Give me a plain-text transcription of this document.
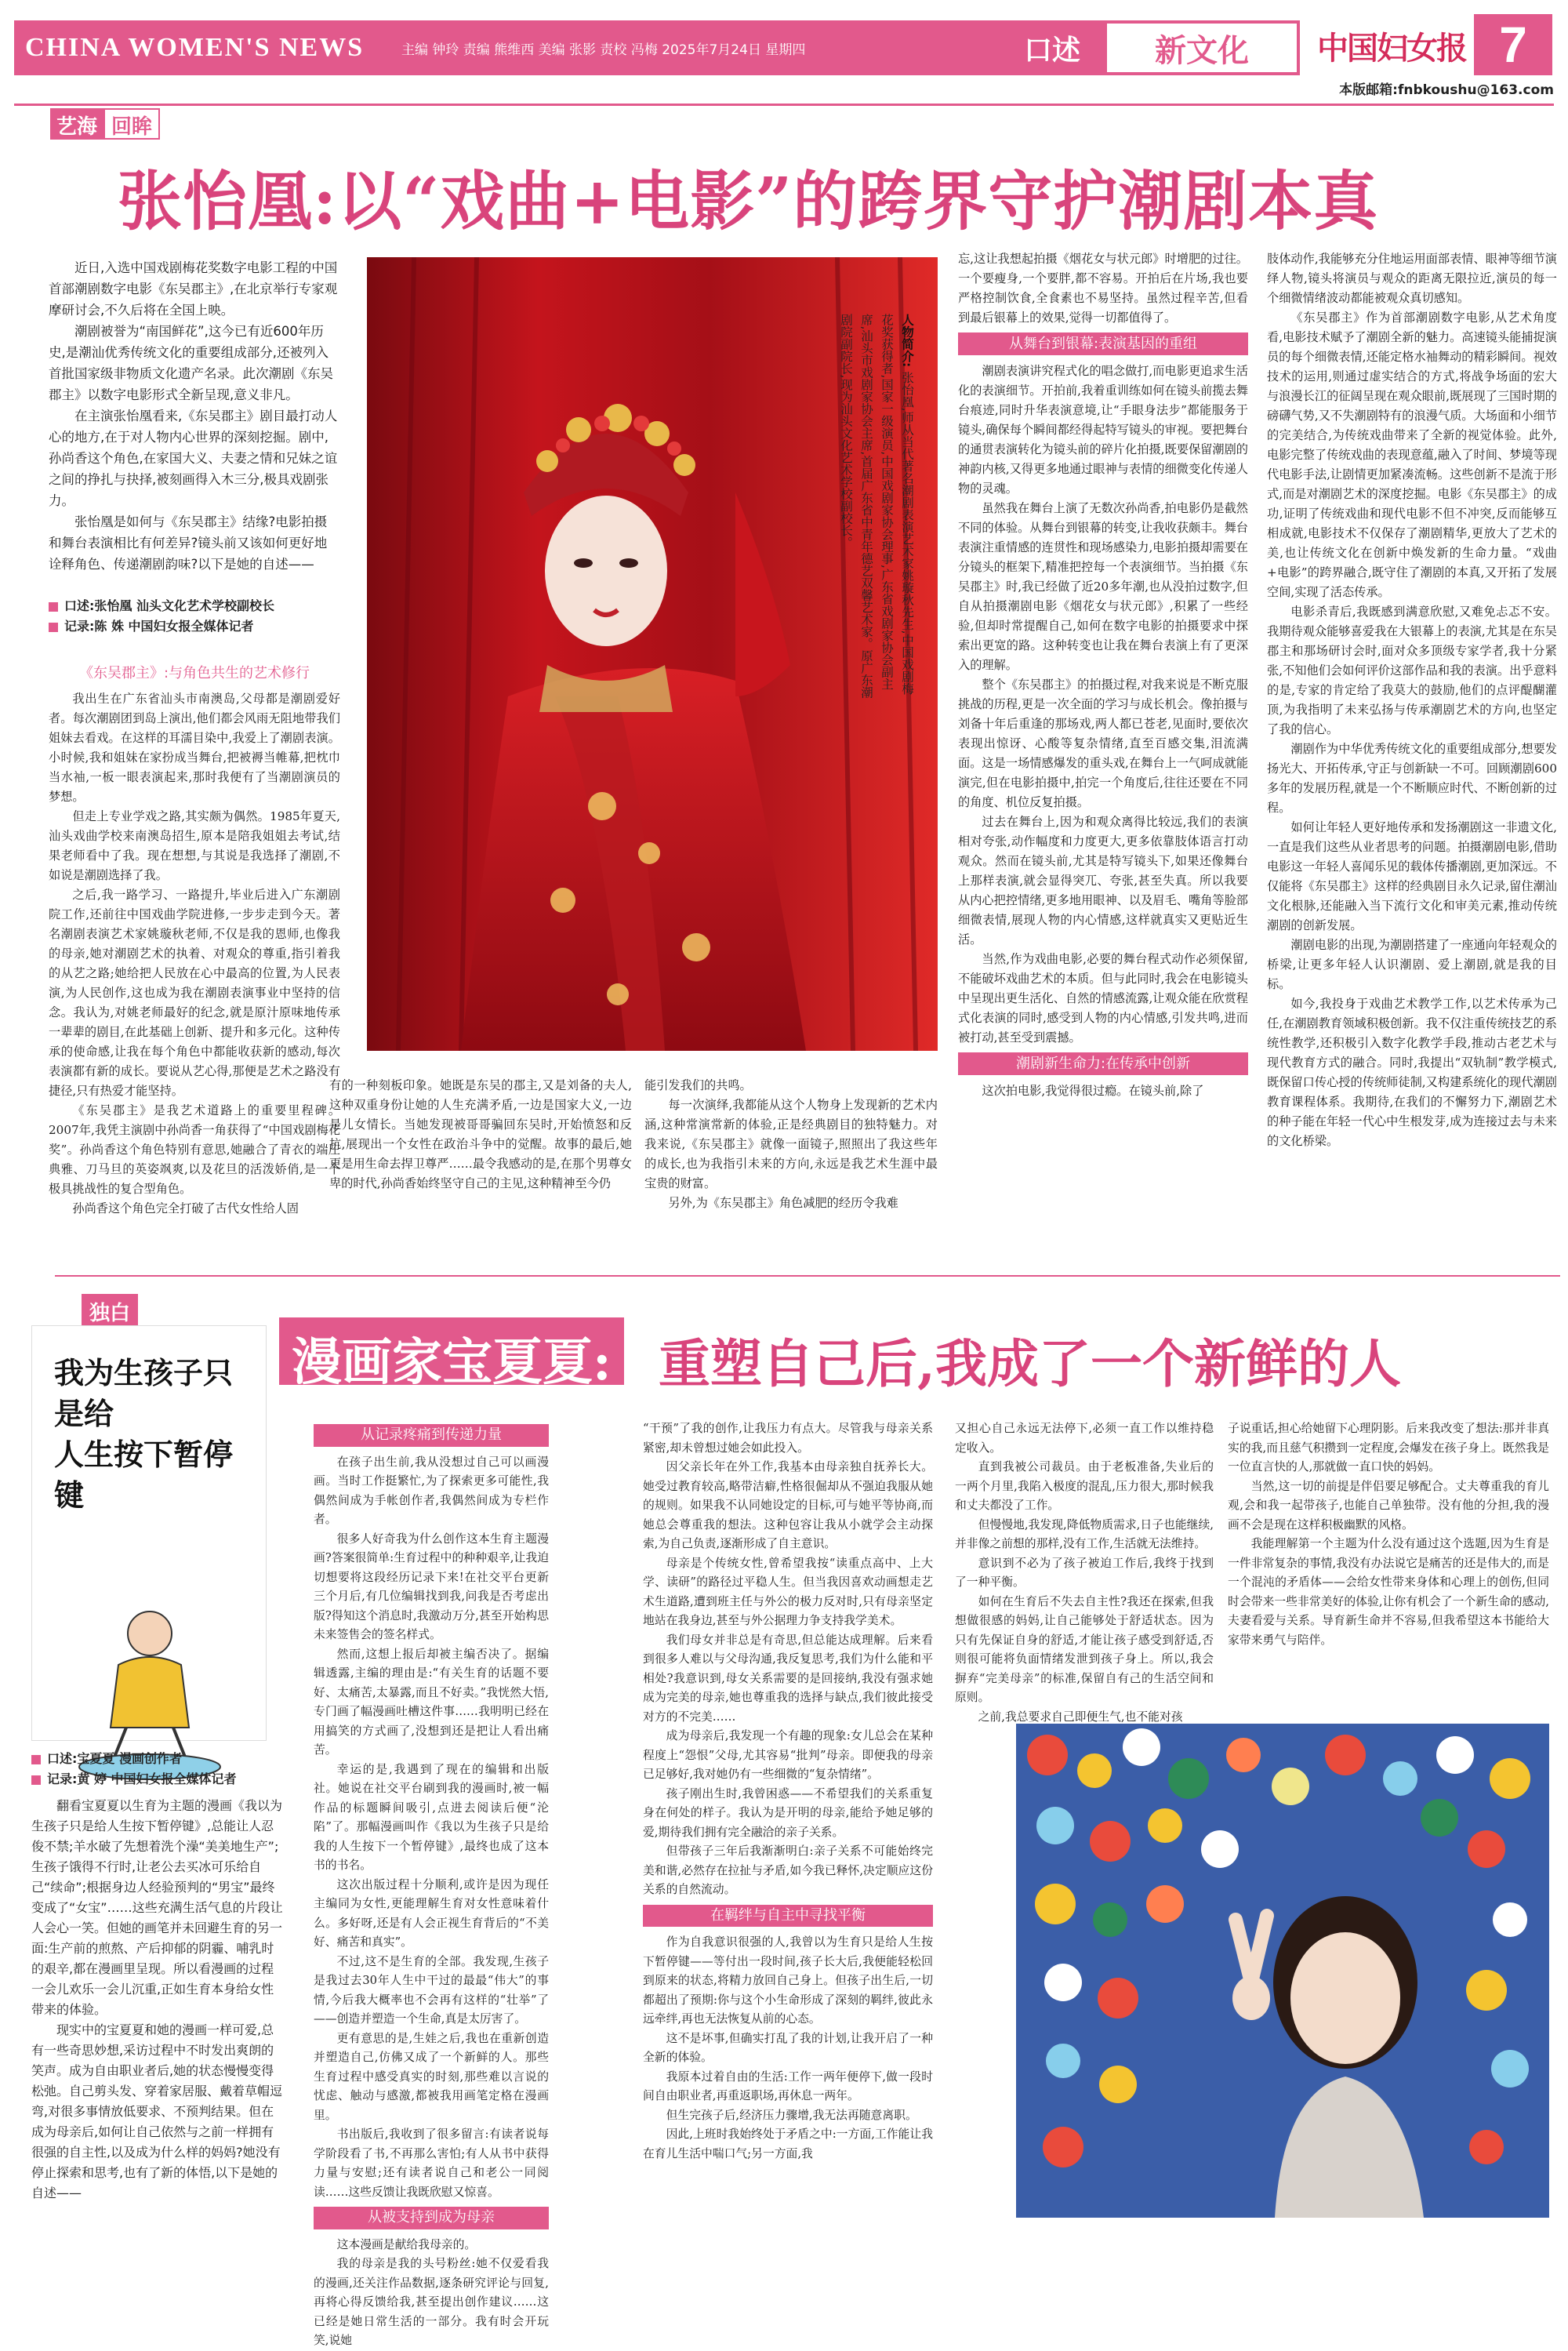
CHINA WOMEN'S NEWS	主编 钟玲 责编 熊维西 美编 张影 责校 冯梅 2025年7月24日 星期四	口述	新文化	中国妇女报 7
本版邮箱:fnbkoushu@163.com
艺海 回眸
张怡凰:以“戏曲+电影”的跨界守护潮剧本真

近日,入选中国戏剧梅花奖数字电影工程的中国首部潮剧数字电影《东吴郡主》,在北京举行专家观摩研讨会,不久后将在全国上映。

潮剧被誉为“南国鲜花”,这今已有近600年历史,是潮汕优秀传统文化的重要组成部分,还被列入首批国家级非物质文化遗产名录。此次潮剧《东吴郡主》以数字电影形式全新呈现,意义非凡。

在主演张怡凰看来,《东吴郡主》剧目最打动人心的地方,在于对人物内心世界的深刻挖掘。剧中,孙尚香这个角色,在家国大义、夫妻之情和兄妹之谊之间的挣扎与抉择,被刻画得入木三分,极具戏剧张力。

张怡凰是如何与《东吴郡主》结缘?电影拍摄和舞台表演相比有何差异?镜头前又该如何更好地诠释角色、传递潮剧韵味?以下是她的自述——

口述:张怡凰 汕头文化艺术学校副校长
记录:陈 姝 中国妇女报全媒体记者
《东吴郡主》:与角色共生的艺术修行

我出生在广东省汕头市南澳岛,父母都是潮剧爱好者。每次潮剧团到岛上演出,他们都会风雨无阻地带我们姐妹去看戏。在这样的耳濡目染中,我爱上了潮剧表演。小时候,我和姐妹在家扮成当舞台,把被褥当帷幕,把枕巾当水袖,一板一眼表演起来,那时我便有了当潮剧演员的梦想。

但走上专业学戏之路,其实颇为偶然。1985年夏天,汕头戏曲学校来南澳岛招生,原本是陪我姐姐去考试,结果老师看中了我。现在想想,与其说是我选择了潮剧,不如说是潮剧选择了我。

之后,我一路学习、一路提升,毕业后进入广东潮剧院工作,还前往中国戏曲学院进修,一步步走到今天。著名潮剧表演艺术家姚璇秋老师,不仅是我的恩师,也像我的母亲,她对潮剧艺术的执着、对观众的尊重,指引着我的从艺之路;她给把人民放在心中最高的位置,为人民表演,为人民创作,这也成为我在潮剧表演事业中坚持的信念。我认为,对姚老师最好的纪念,就是原汁原味地传承一辈辈的剧目,在此基础上创新、提升和多元化。这种传承的使命感,让我在每个角色中都能收获新的感动,每次表演都有新的成长。要说从艺心得,那便是艺术之路没有捷径,只有热爱才能坚持。

《东吴郡主》是我艺术道路上的重要里程碑。2007年,我凭主演剧中孙尚香一角获得了“中国戏剧梅花奖”。孙尚香这个角色特别有意思,她融合了青衣的端庄典雅、刀马旦的英姿飒爽,以及花旦的活泼娇俏,是一个极具挑战性的复合型角色。

孙尚香这个角色完全打破了古代女性给人固

人物简介: 张怡凰,师从当代著名潮剧表演艺术家姚璇秋先生,中国戏剧梅花奖获得者,国家一级演员,中国戏剧家协会理事,广东省戏剧家协会副主席,汕头市戏剧家协会主席,首届广东省中青年德艺双馨艺术家。原广东潮剧院副院长,现为汕头文化艺术学校副校长。

有的一种刻板印象。她既是东吴的郡主,又是刘备的夫人,这种双重身份让她的人生充满矛盾,一边是国家大义,一边是儿女情长。当她发现被哥哥骗回东吴时,开始愤怒和反抗,展现出一个女性在政治斗争中的觉醒。故事的最后,她更是用生命去捍卫尊严……最令我感动的是,在那个男尊女卑的时代,孙尚香始终坚守自己的主见,这种精神至今仍

能引发我们的共鸣。

每一次演绎,我都能从这个人物身上发现新的艺术内涵,这种常演常新的体验,正是经典剧目的独特魅力。对我来说,《东吴郡主》就像一面镜子,照照出了我这些年的成长,也为我指引未来的方向,永远是我艺术生涯中最宝贵的财富。

另外,为《东吴郡主》角色减肥的经历令我难

忘,这让我想起拍摄《烟花女与状元郎》时增肥的过往。一个要瘦身,一个要胖,都不容易。开拍后在片场,我也要严格控制饮食,全食素也不易坚持。虽然过程辛苦,但看到最后银幕上的效果,觉得一切都值得了。

从舞台到银幕:表演基因的重组

潮剧表演讲究程式化的唱念做打,而电影更追求生活化的表演细节。开拍前,我着重训练如何在镜头前揽去舞台痕迹,同时升华表演意境,让“手眼身法步”都能服务于镜头,确保每个瞬间都经得起特写镜头的审视。要把舞台的通贯表演转化为镜头前的碎片化拍摄,既要保留潮剧的神韵内核,又得更多地通过眼神与表情的细微变化传递人物的灵魂。

虽然我在舞台上演了无数次孙尚香,拍电影仍是截然不同的体验。从舞台到银幕的转变,让我收获颇丰。舞台表演注重情感的连贯性和现场感染力,电影拍摄却需要在分镜头的框架下,精准把控每一个表演细节。当拍摄《东吴郡主》时,我已经做了近20多年潮,也从没拍过数字,但自从拍摄潮剧电影《烟花女与状元郎》,积累了一些经验,但却时常提醒自己,如何在数字电影的拍摄要求中探索出更宽的路。这种转变也让我在舞台表演上有了更深入的理解。

整个《东吴郡主》的拍摄过程,对我来说是不断克服挑战的历程,更是一次全面的学习与成长机会。像拍摄与刘备十年后重逢的那场戏,两人都已苍老,见面时,要依次表现出惊讶、心酸等复杂情绪,直至百感交集,泪流满面。这是一场情感爆发的重头戏,在舞台上一气呵成就能演完,但在电影拍摄中,拍完一个角度后,往往还要在不同的角度、机位反复拍摄。

过去在舞台上,因为和观众离得比较远,我们的表演相对夸张,动作幅度和力度更大,更多依靠肢体语言打动观众。然而在镜头前,尤其是特写镜头下,如果还像舞台上那样表演,就会显得突兀、夸张,甚至失真。所以我要从内心把控情绪,更多地用眼神、以及眉毛、嘴角等脸部细微表情,展现人物的内心情感,这样就真实又更贴近生活。

当然,作为戏曲电影,必要的舞台程式动作必须保留,不能破坏戏曲艺术的本质。但与此同时,我会在电影镜头中呈现出更生活化、自然的情感流露,让观众能在欣赏程式化表演的同时,感受到人物的内心情感,引发共鸣,进而被打动,甚至受到震撼。

潮剧新生命力:在传承中创新

这次拍电影,我觉得很过瘾。在镜头前,除了

肢体动作,我能够充分住地运用面部表情、眼神等细节演绎人物,镜头将演员与观众的距离无限拉近,演员的每一个细微情绪波动都能被观众真切感知。

《东吴郡主》作为首部潮剧数字电影,从艺术角度看,电影技术赋予了潮剧全新的魅力。高速镜头能捕捉演员的每个细微表情,还能定格水袖舞动的精彩瞬间。视效技术的运用,则通过虚实结合的方式,将战争场面的宏大与浪漫长江的征阔呈现在观众眼前,既展现了三国时期的磅礴气势,又不失潮剧特有的浪漫气质。大场面和小细节的完美结合,为传统戏曲带来了全新的视觉体验。此外,电影完整了传统戏曲的表现意蕴,融入了时间、梦境等现代电影手法,让剧情更加紧凑流畅。这些创新不是流于形式,而是对潮剧艺术的深度挖掘。电影《东吴郡主》的成功,证明了传统戏曲和现代电影不但不冲突,反而能够互相成就,电影技术不仅保存了潮剧精华,更放大了艺术的美,也让传统文化在创新中焕发新的生命力量。“戏曲+电影”的跨界融合,既守住了潮剧的本真,又开拓了发展空间,实现了活态传承。

电影杀青后,我既感到满意欣慰,又难免忐忑不安。我期待观众能够喜爱我在大银幕上的表演,尤其是在东吴郡主和那场研讨会时,面对众多顶级专家学者,我十分紧张,不知他们会如何评价这部作品和我的表演。出乎意料的是,专家的肯定给了我莫大的鼓励,他们的点评醍醐灌顶,为我指明了未来弘扬与传承潮剧艺术的方向,也坚定了我的信心。

潮剧作为中华优秀传统文化的重要组成部分,想要发扬光大、开拓传承,守正与创新缺一不可。回顾潮剧600多年的发展历程,就是一个不断顺应时代、不断创新的过程。

如何让年轻人更好地传承和发扬潮剧这一非遗文化,一直是我们这些从业者思考的问题。拍摄潮剧电影,借助电影这一年轻人喜闻乐见的载体传播潮剧,更加深远。不仅能将《东吴郡主》这样的经典剧目永久记录,留住潮汕文化根脉,还能融入当下流行文化和审美元素,推动传统潮剧的创新发展。

潮剧电影的出现,为潮剧搭建了一座通向年轻观众的桥梁,让更多年轻人认识潮剧、爱上潮剧,就是我的目标。

如今,我投身于戏曲艺术教学工作,以艺术传承为己任,在潮剧教育领域积极创新。我不仅注重传统技艺的系统性教学,还积极引入数字化教学手段,推动古老艺术与现代教育方式的融合。同时,我提出“双轨制”教学模式,既保留口传心授的传统师徒制,又构建系统化的现代潮剧教育课程体系。我期待,在我们的不懈努力下,潮剧艺术的种子能在年轻一代心中生根发芽,成为连接过去与未来的文化桥梁。

独白
漫画家宝夏夏: 重塑自己后,我成了一个新鲜的人
我为生孩子只是给
人生按下暂停键
口述:宝夏夏 漫画创作者
记录:黄 婷 中国妇女报全媒体记者

翻看宝夏夏以生育为主题的漫画《我以为生孩子只是给人生按下暂停键》,总能让人忍俊不禁;羊水破了先想着洗个澡“美美地生产”;生孩子饿得不行时,让老公去买冰可乐给自己“续命”;根据身边人经验预判的“男宝”最终变成了“女宝”……这些充满生活气息的片段让人会心一笑。但她的画笔并未回避生育的另一面:生产前的煎熬、产后抑郁的阴霾、哺乳时的艰辛,都在漫画里呈现。所以看漫画的过程一会儿欢乐一会儿沉重,正如生育本身给女性带来的体验。

现实中的宝夏夏和她的漫画一样可爱,总有一些奇思妙想,采访过程中不时发出爽朗的笑声。成为自由职业者后,她的状态慢慢变得松弛。自己剪头发、穿着家居服、戴着草帽逗弯,对很多事情放低要求、不预判结果。但在成为母亲后,如何让自己依然与之前一样拥有很强的自主性,以及成为什么样的妈妈?她没有停止探索和思考,也有了新的体悟,以下是她的自述——

从记录疼痛到传递力量

在孩子出生前,我从没想过自己可以画漫画。当时工作挺繁忙,为了探索更多可能性,我偶然间成为手帐创作者,我偶然间成为专栏作者。

很多人好奇我为什么创作这本生育主题漫画?答案很简单:生育过程中的种种艰辛,让我迫切想要将这段经历记录下来!在社交平台更新三个月后,有几位编辑找到我,问我是否考虑出版?得知这个消息时,我激动万分,甚至开始构思未来签售会的签名样式。

然而,这想上报后却被主编否决了。据编辑透露,主编的理由是:“有关生育的话题不要好、太痛苦,太暴露,而且不好卖。”我恍然大悟,专门画了幅漫画吐槽这件事……我明明已经在用搞笑的方式画了,没想到还是把让人看出痛苦。

幸运的是,我遇到了现在的编辑和出版社。她说在社交平台刷到我的漫画时,被一幅作品的标题瞬间吸引,点进去阅读后便“沦陷”了。那幅漫画叫作《我以为生孩子只是给我的人生按下一个暂停键》,最终也成了这本书的书名。

这次出版过程十分顺利,或许是因为现任主编同为女性,更能理解生育对女性意味着什么。多好呀,还是有人会正视生育背后的“不美好、痛苦和真实”。

不过,这不是生育的全部。我发现,生孩子是我过去30年人生中干过的最最“伟大”的事情,今后我大概率也不会再有这样的“壮举”了——创造并塑造一个生命,真是太厉害了。

更有意思的是,生娃之后,我也在重新创造并塑造自己,仿佛又成了一个新鲜的人。那些生育过程中感受真实的时刻,那些难以言说的忧虑、触动与感激,都被我用画笔定格在漫画里。

书出版后,我收到了很多留言:有读者说每学阶段看了书,不再那么害怕;有人从书中获得力量与安慰;还有读者说自己和老公一同阅读……这些反馈让我既欣慰又惊喜。

从被支持到成为母亲

这本漫画是献给我母亲的。

我的母亲是我的头号粉丝:她不仅爱看我的漫画,还关注作品数据,逐条研究评论与回复,再将心得反馈给我,甚至提出创作建议……这已经是她日常生活的一部分。我有时会开玩笑,说她

“干预”了我的创作,让我压力有点大。尽管我与母亲关系紧密,却未曾想过她会如此投入。

因父亲长年在外工作,我基本由母亲独自抚养长大。她受过教育较高,略带洁癖,性格很倔却从不强迫我服从她的规则。如果我不认同她设定的目标,可与她平等协商,而她总会尊重我的想法。这种包容让我从小就学会主动探索,为自己负责,逐渐形成了自主意识。

母亲是个传统女性,曾希望我按“读重点高中、上大学、读研”的路径过平稳人生。但当我因喜欢动画想走艺术生道路,遭到班主任与外公的极力反对时,只有母亲坚定地站在我身边,甚至与外公据理力争支持我学美术。

我们母女并非总是有奇思,但总能达成理解。后来看到很多人难以与父母沟通,我反复思考,我们为什么能和平相处?我意识到,母女关系需要的是回接纳,我没有强求她成为完美的母亲,她也尊重我的选择与缺点,我们彼此接受对方的不完美……

成为母亲后,我发现一个有趣的现象:女儿总会在某种程度上“怨恨”父母,尤其容易“批判”母亲。即便我的母亲已足够好,我对她仍有一些细微的“复杂情绪”。

孩子刚出生时,我曾困惑——不希望我们的关系重复身在何处的样子。我认为是开明的母亲,能给予她足够的爱,期待我们拥有完全融洽的亲子关系。

但带孩子三年后我渐渐明白:亲子关系不可能始终完美和谐,必然存在拉扯与矛盾,如今我已释怀,决定顺应这份关系的自然流动。

在羁绊与自主中寻找平衡

作为自我意识很强的人,我曾以为生育只是给人生按下暂停键——等付出一段时间,孩子长大后,我便能轻松回到原来的状态,将精力放回自己身上。但孩子出生后,一切都超出了预期:你与这个小生命形成了深刻的羁绊,彼此永远牵绊,再也无法恢复从前的心态。

这不是坏事,但确实打乱了我的计划,让我开启了一种全新的体验。

我原本过着自由的生活:工作一两年便停下,做一段时间自由职业者,再重返职场,再休息一两年。

但生完孩子后,经济压力骤增,我无法再随意离职。

因此,上班时我始终处于矛盾之中:一方面,工作能让我在育儿生活中喘口气;另一方面,我

又担心自己永远无法停下,必须一直工作以维持稳定收入。

直到我被公司裁员。由于老板准备,失业后的一两个月里,我陷入极度的混乱,压力很大,那时候我和丈夫都没了工作。

但慢慢地,我发现,降低物质需求,日子也能继续,并非像之前想的那样,没有工作,生活就无法维持。

意识到不必为了孩子被迫工作后,我终于找到了一种平衡。

如何在生育后不失去自主性?我还在探索,但我想做很感的妈妈,让自己能够处于舒适状态。因为只有先保证自身的舒适,才能让孩子感受到舒适,否则很可能将负面情绪发泄到孩子身上。所以,我会摒弃“完美母亲”的标准,保留自有己的生活空间和原则。

之前,我总要求自己即便生气,也不能对孩

子说重话,担心给她留下心理阴影。后来我改变了想法:那并非真实的我,而且慈气积攒到一定程度,会爆发在孩子身上。既然我是一位直言快的人,那就做一直口快的妈妈。

当然,这一切的前提是伴侣要足够配合。丈夫尊重我的育儿观,会和我一起带孩子,也能自己单独带。没有他的分担,我的漫画不会是现在这样积极幽默的风格。

我能理解第一个主题为什么没有通过这个选题,因为生育是一件非常复杂的事情,我没有办法说它是痛苦的还是伟大的,而是一个混沌的矛盾体——会给女性带来身体和心理上的创伤,但同时会带来一些非常美好的体验,让你有机会了一个新生命的感动,夫妻看爱与关系。导育新生命并不容易,但我希望这本书能给大家带来勇气与陪伴。
